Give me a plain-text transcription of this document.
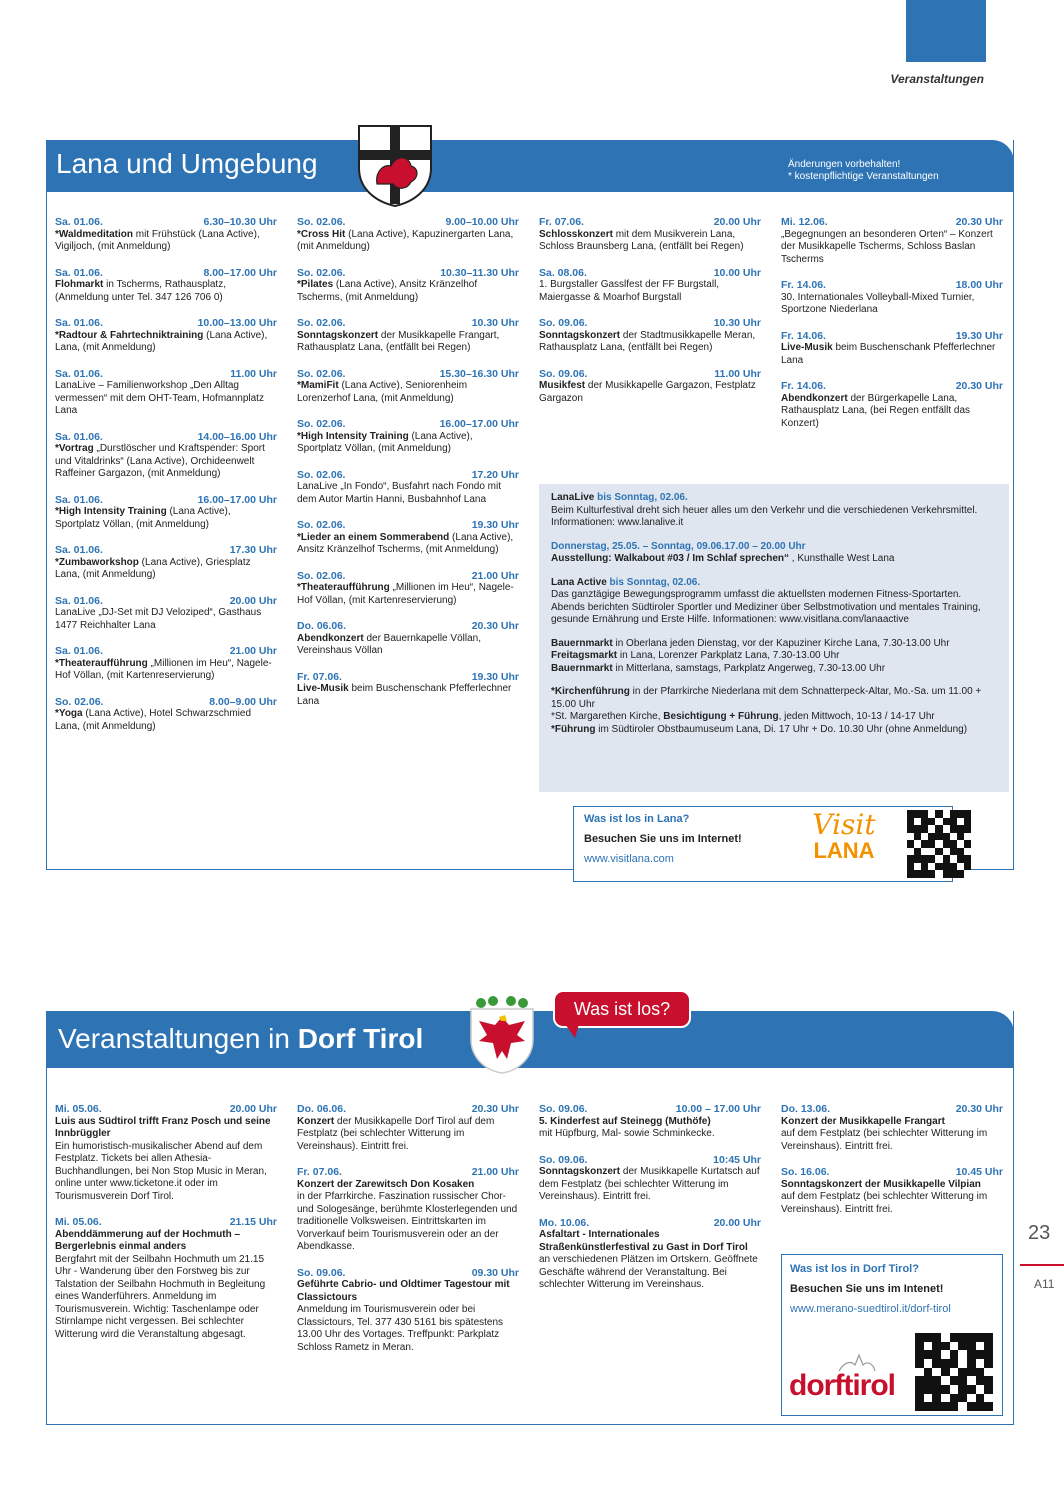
Veranstaltungen
Lana und Umgebung	Änderungen vorbehalten!
* kostenpflichtige Veranstaltungen
Sa. 01.06.	6.30–10.30 Uhr
*Waldmeditation mit Frühstück (Lana Active), Vigiljoch, (mit Anmeldung)
Sa. 01.06.	8.00–17.00 Uhr
Flohmarkt in Tscherms, Rathausplatz, (Anmeldung unter Tel. 347 126 706 0)
Sa. 01.06.	10.00–13.00 Uhr
*Radtour & Fahrtechniktraining (Lana Active), Lana, (mit Anmeldung)
Sa. 01.06.	11.00 Uhr
LanaLive – Familienworkshop „Den Alltag vermessen“ mit dem OHT-Team, Hofmannplatz Lana
Sa. 01.06.	14.00–16.00 Uhr
*Vortrag „Durstlöscher und Kraftspender: Sport und Vitaldrinks“ (Lana Active), Orchideenwelt Raffeiner Gargazon, (mit Anmeldung)
Sa. 01.06.	16.00–17.00 Uhr
*High Intensity Training (Lana Active), Sportplatz Völlan, (mit Anmeldung)
Sa. 01.06.	17.30 Uhr
*Zumbaworkshop (Lana Active), Griesplatz Lana, (mit Anmeldung)
Sa. 01.06.	20.00 Uhr
LanaLive „DJ-Set mit DJ Veloziped“, Gasthaus 1477 Reichhalter Lana
Sa. 01.06.	21.00 Uhr
*Theateraufführung „Millionen im Heu“, Nagele-Hof Völlan, (mit Kartenreservierung)
So. 02.06.	8.00–9.00 Uhr
*Yoga (Lana Active), Hotel Schwarzschmied Lana, (mit Anmeldung)
So. 02.06.	9.00–10.00 Uhr
*Cross Hit (Lana Active), Kapuzinergarten Lana, (mit Anmeldung)
So. 02.06.	10.30–11.30 Uhr
*Pilates (Lana Active), Ansitz Kränzelhof Tscherms, (mit Anmeldung)
So. 02.06.	10.30 Uhr
Sonntagskonzert der Musikkapelle Frangart, Rathausplatz Lana, (entfällt bei Regen)
So. 02.06.	15.30–16.30 Uhr
*MamiFit (Lana Active), Seniorenheim Lorenzerhof Lana, (mit Anmeldung)
So. 02.06.	16.00–17.00 Uhr
*High Intensity Training (Lana Active), Sportplatz Völlan, (mit Anmeldung)
So. 02.06.	17.20 Uhr
LanaLive „In Fondo“, Busfahrt nach Fondo mit dem Autor Martin Hanni, Busbahnhof Lana
So. 02.06.	19.30 Uhr
*Lieder an einem Sommerabend (Lana Active), Ansitz Kränzelhof Tscherms, (mit Anmeldung)
So. 02.06.	21.00 Uhr
*Theateraufführung „Millionen im Heu“, Nagele-Hof Völlan, (mit Kartenreservierung)
Do. 06.06.	20.30 Uhr
Abendkonzert der Bauernkapelle Völlan, Vereinshaus Völlan
Fr. 07.06.	19.30 Uhr
Live-Musik beim Buschenschank Pfefferlechner Lana
Fr. 07.06.	20.00 Uhr
Schlosskonzert mit dem Musikverein Lana, Schloss Braunsberg Lana, (entfällt bei Regen)
Sa. 08.06.	10.00 Uhr
1. Burgstaller Gasslfest der FF Burgstall, Maiergasse & Moarhof Burgstall
So. 09.06.	10.30 Uhr
Sonntagskonzert der Stadtmusikkapelle Meran, Rathausplatz Lana, (entfällt bei Regen)
So. 09.06.	11.00 Uhr
Musikfest der Musikkapelle Gargazon, Festplatz Gargazon
Mi. 12.06.	20.30 Uhr
„Begegnungen an besonderen Orten“ – Konzert der Musikkapelle Tscherms, Schloss Baslan Tscherms
Fr. 14.06.	18.00 Uhr
30. Internationales Volleyball-Mixed Turnier, Sportzone Niederlana
Fr. 14.06.	19.30 Uhr
Live-Musik beim Buschenschank Pfefferlechner Lana
Fr. 14.06.	20.30 Uhr
Abendkonzert der Bürgerkapelle Lana, Rathausplatz Lana, (bei Regen entfällt das Konzert)
LanaLive bis Sonntag, 02.06.
Beim Kulturfestival dreht sich heuer alles um den Verkehr und die verschiedenen Verkehrsmittel. Informationen: www.lanalive.it
Donnerstag, 25.05. – Sonntag, 09.06.17.00 – 20.00 Uhr
Ausstellung: Walkabout #03 / Im Schlaf sprechen“ , Kunsthalle West Lana
Lana Active bis Sonntag, 02.06.
Das ganztägige Bewegungsprogramm umfasst die aktuellsten modernen Fitness-Sportarten. Abends berichten Südtiroler Sportler und Mediziner über Selbstmotivation und mentales Training, gesunde Ernährung und Erste Hilfe. Informationen: www.visitlana.com/lanaactive
Bauernmarkt in Oberlana jeden Dienstag, vor der Kapuziner Kirche Lana, 7.30-13.00 Uhr
Freitagsmarkt in Lana, Lorenzer Parkplatz Lana, 7.30-13.00 Uhr
Bauernmarkt in Mitterlana, samstags, Parkplatz Angerweg, 7.30-13.00 Uhr
*Kirchenführung in der Pfarrkirche Niederlana mit dem Schnatterpeck-Altar, Mo.-Sa. um 11.00 + 15.00 Uhr
*St. Margarethen Kirche, Besichtigung + Führung, jeden Mittwoch, 10-13 / 14-17 Uhr
*Führung im Südtiroler Obstbaumuseum Lana, Di. 17 Uhr + Do. 10.30 Uhr (ohne Anmeldung)
Was ist los in Lana?
Besuchen Sie uns im Internet!
www.visitlana.com
Visit
LANA
Veranstaltungen in Dorf Tirol
Was ist los?
Mi. 05.06.	20.00 Uhr
Luis aus Südtirol trifft Franz Posch und seine Innbrüggler
Ein humoristisch-musikalischer Abend auf dem Festplatz. Tickets bei allen Athesia-Buchhandlungen, bei Non Stop Music in Meran, online unter www.ticketone.it oder im Tourismusverein Dorf Tirol.
Mi. 05.06.	21.15 Uhr
Abenddämmerung auf der Hochmuth – Bergerlebnis einmal anders
Bergfahrt mit der Seilbahn Hochmuth um 21.15 Uhr - Wanderung über den Forstweg bis zur Talstation der Seilbahn Hochmuth in Begleitung eines Wanderführers. Anmeldung im Tourismusverein. Wichtig: Taschenlampe oder Stirnlampe nicht vergessen. Bei schlechter Witterung wird die Veranstaltung abgesagt.
Do. 06.06.	20.30 Uhr
Konzert der Musikkapelle Dorf Tirol auf dem Festplatz (bei schlechter Witterung im Vereinshaus). Eintritt frei.
Fr. 07.06.	21.00 Uhr
Konzert der Zarewitsch Don Kosaken
in der Pfarrkirche. Faszination russischer Chor- und Sologesänge, berühmte Klosterlegenden und traditionelle Volksweisen. Eintrittskarten im Vorverkauf beim Tourismusverein oder an der Abendkasse.
So. 09.06.	09.30 Uhr
Geführte Cabrio- und Oldtimer Tagestour mit Classictours
Anmeldung im Tourismusverein oder bei Classictours, Tel. 377 430 5161 bis spätestens 13.00 Uhr des Vortages. Treffpunkt: Parkplatz Schloss Rametz in Meran.
So. 09.06.	10.00 – 17.00 Uhr
5. Kinderfest auf Steinegg (Muthöfe)
mit Hüpfburg, Mal- sowie Schminkecke.
So. 09.06.	10:45 Uhr
Sonntagskonzert der Musikkapelle Kurtatsch auf dem Festplatz (bei schlechter Witterung im Vereinshaus). Eintritt frei.
Mo. 10.06.	20.00 Uhr
Asfaltart - Internationales Straßenkünstlerfestival zu Gast in Dorf Tirol
an verschiedenen Plätzen im Ortskern. Geöffnete Geschäfte während der Veranstaltung. Bei schlechter Witterung im Vereinshaus.
Do. 13.06.	20.30 Uhr
Konzert der Musikkapelle Frangart
auf dem Festplatz (bei schlechter Witterung im Vereinshaus). Eintritt frei.
So. 16.06.	10.45 Uhr
Sonntagskonzert der Musikkapelle Vilpian
auf dem Festplatz (bei schlechter Witterung im Vereinshaus). Eintritt frei.
Was ist los in Dorf Tirol?
Besuchen Sie uns im Intenet!
www.merano-suedtirol.it/dorf-tirol
dorftirol
23
A11
